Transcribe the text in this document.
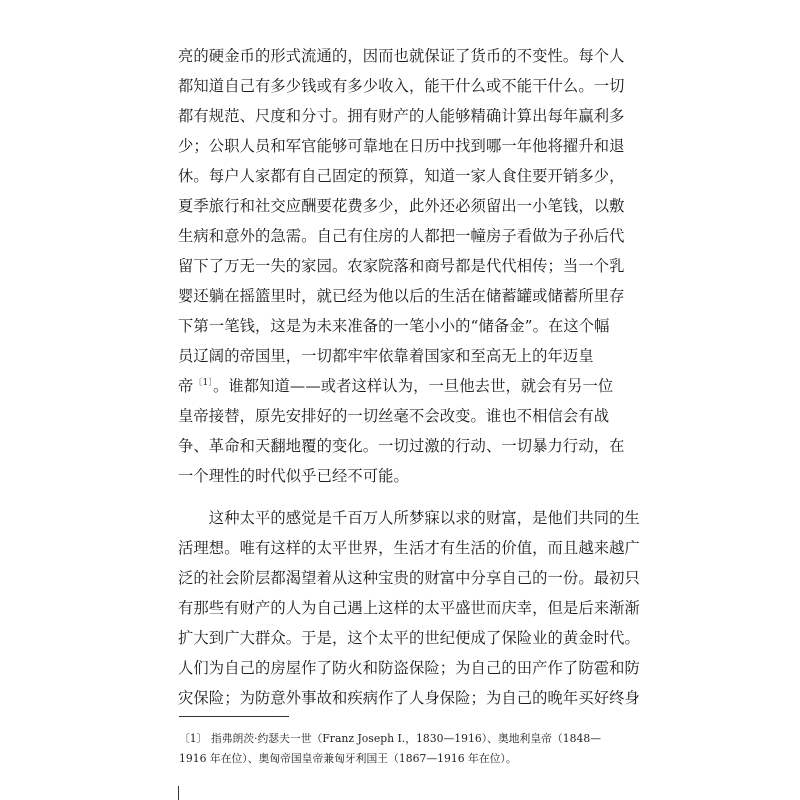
亮的硬金币的形式流通的，因而也就保证了货币的不变性。每个人
都知道自己有多少钱或有多少收入，能干什么或不能干什么。一切
都有规范、尺度和分寸。拥有财产的人能够精确计算出每年赢利多
少；公职人员和军官能够可靠地在日历中找到哪一年他将擢升和退
休。每户人家都有自己固定的预算，知道一家人食住要开销多少，
夏季旅行和社交应酬要花费多少，此外还必须留出一小笔钱，以敷
生病和意外的急需。自己有住房的人都把一幢房子看做为子孙后代
留下了万无一失的家园。农家院落和商号都是代代相传；当一个乳
婴还躺在摇篮里时，就已经为他以后的生活在储蓄罐或储蓄所里存
下第一笔钱，这是为未来准备的一笔小小的“储备金”。在这个幅
员辽阔的帝国里，一切都牢牢依靠着国家和至高无上的年迈皇
帝$^{〔1〕}$。谁都知道——或者这样认为，一旦他去世，就会有另一位
皇帝接替，原先安排好的一切丝毫不会改变。谁也不相信会有战
争、革命和天翻地覆的变化。一切过激的行动、一切暴力行动，在
一个理性的时代似乎已经不可能。
　　这种太平的感觉是千百万人所梦寐以求的财富，是他们共同的生
活理想。唯有这样的太平世界，生活才有生活的价值，而且越来越广
泛的社会阶层都渴望着从这种宝贵的财富中分享自己的一份。最初只
有那些有财产的人为自己遇上这样的太平盛世而庆幸，但是后来渐渐
扩大到广大群众。于是，这个太平的世纪便成了保险业的黄金时代。
人们为自己的房屋作了防火和防盗保险；为自己的田产作了防雹和防
灾保险；为防意外事故和疾病作了人身保险；为自己的晚年买好终身
〔1〕 指弗朗茨·约瑟夫一世（Franz Joseph I.，1830—1916）、奥地利皇帝（1848—
1916 年在位）、奥匈帝国皇帝兼匈牙利国王（1867—1916 年在位）。
